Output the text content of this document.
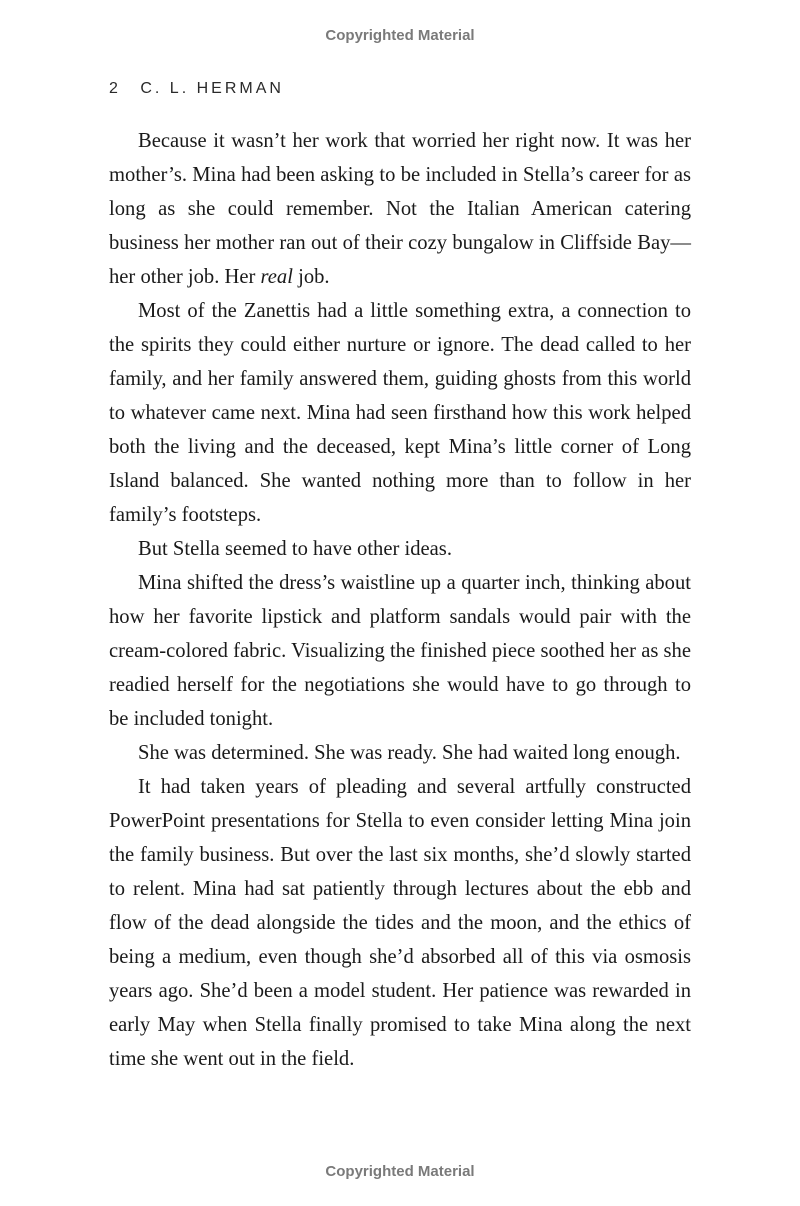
Copyrighted Material
2 C. L. HERMAN

Because it wasn’t her work that worried her right now. It was her mother’s. Mina had been asking to be included in Stella’s career for as long as she could remember. Not the Italian American catering business her mother ran out of their cozy bungalow in Cliffside Bay—her other job. Her real job.

Most of the Zanettis had a little something extra, a connection to the spirits they could either nurture or ignore. The dead called to her family, and her family answered them, guiding ghosts from this world to whatever came next. Mina had seen firsthand how this work helped both the living and the deceased, kept Mina’s little corner of Long Island balanced. She wanted nothing more than to follow in her family’s footsteps.

But Stella seemed to have other ideas.

Mina shifted the dress’s waistline up a quarter inch, thinking about how her favorite lipstick and platform sandals would pair with the cream-colored fabric. Visualizing the finished piece soothed her as she readied herself for the negotiations she would have to go through to be included tonight.

She was determined. She was ready. She had waited long enough.

It had taken years of pleading and several artfully constructed PowerPoint presentations for Stella to even consider letting Mina join the family business. But over the last six months, she’d slowly started to relent. Mina had sat patiently through lectures about the ebb and flow of the dead alongside the tides and the moon, and the ethics of being a medium, even though she’d absorbed all of this via osmosis years ago. She’d been a model student. Her patience was rewarded in early May when Stella finally promised to take Mina along the next time she went out in the field.

Copyrighted Material
